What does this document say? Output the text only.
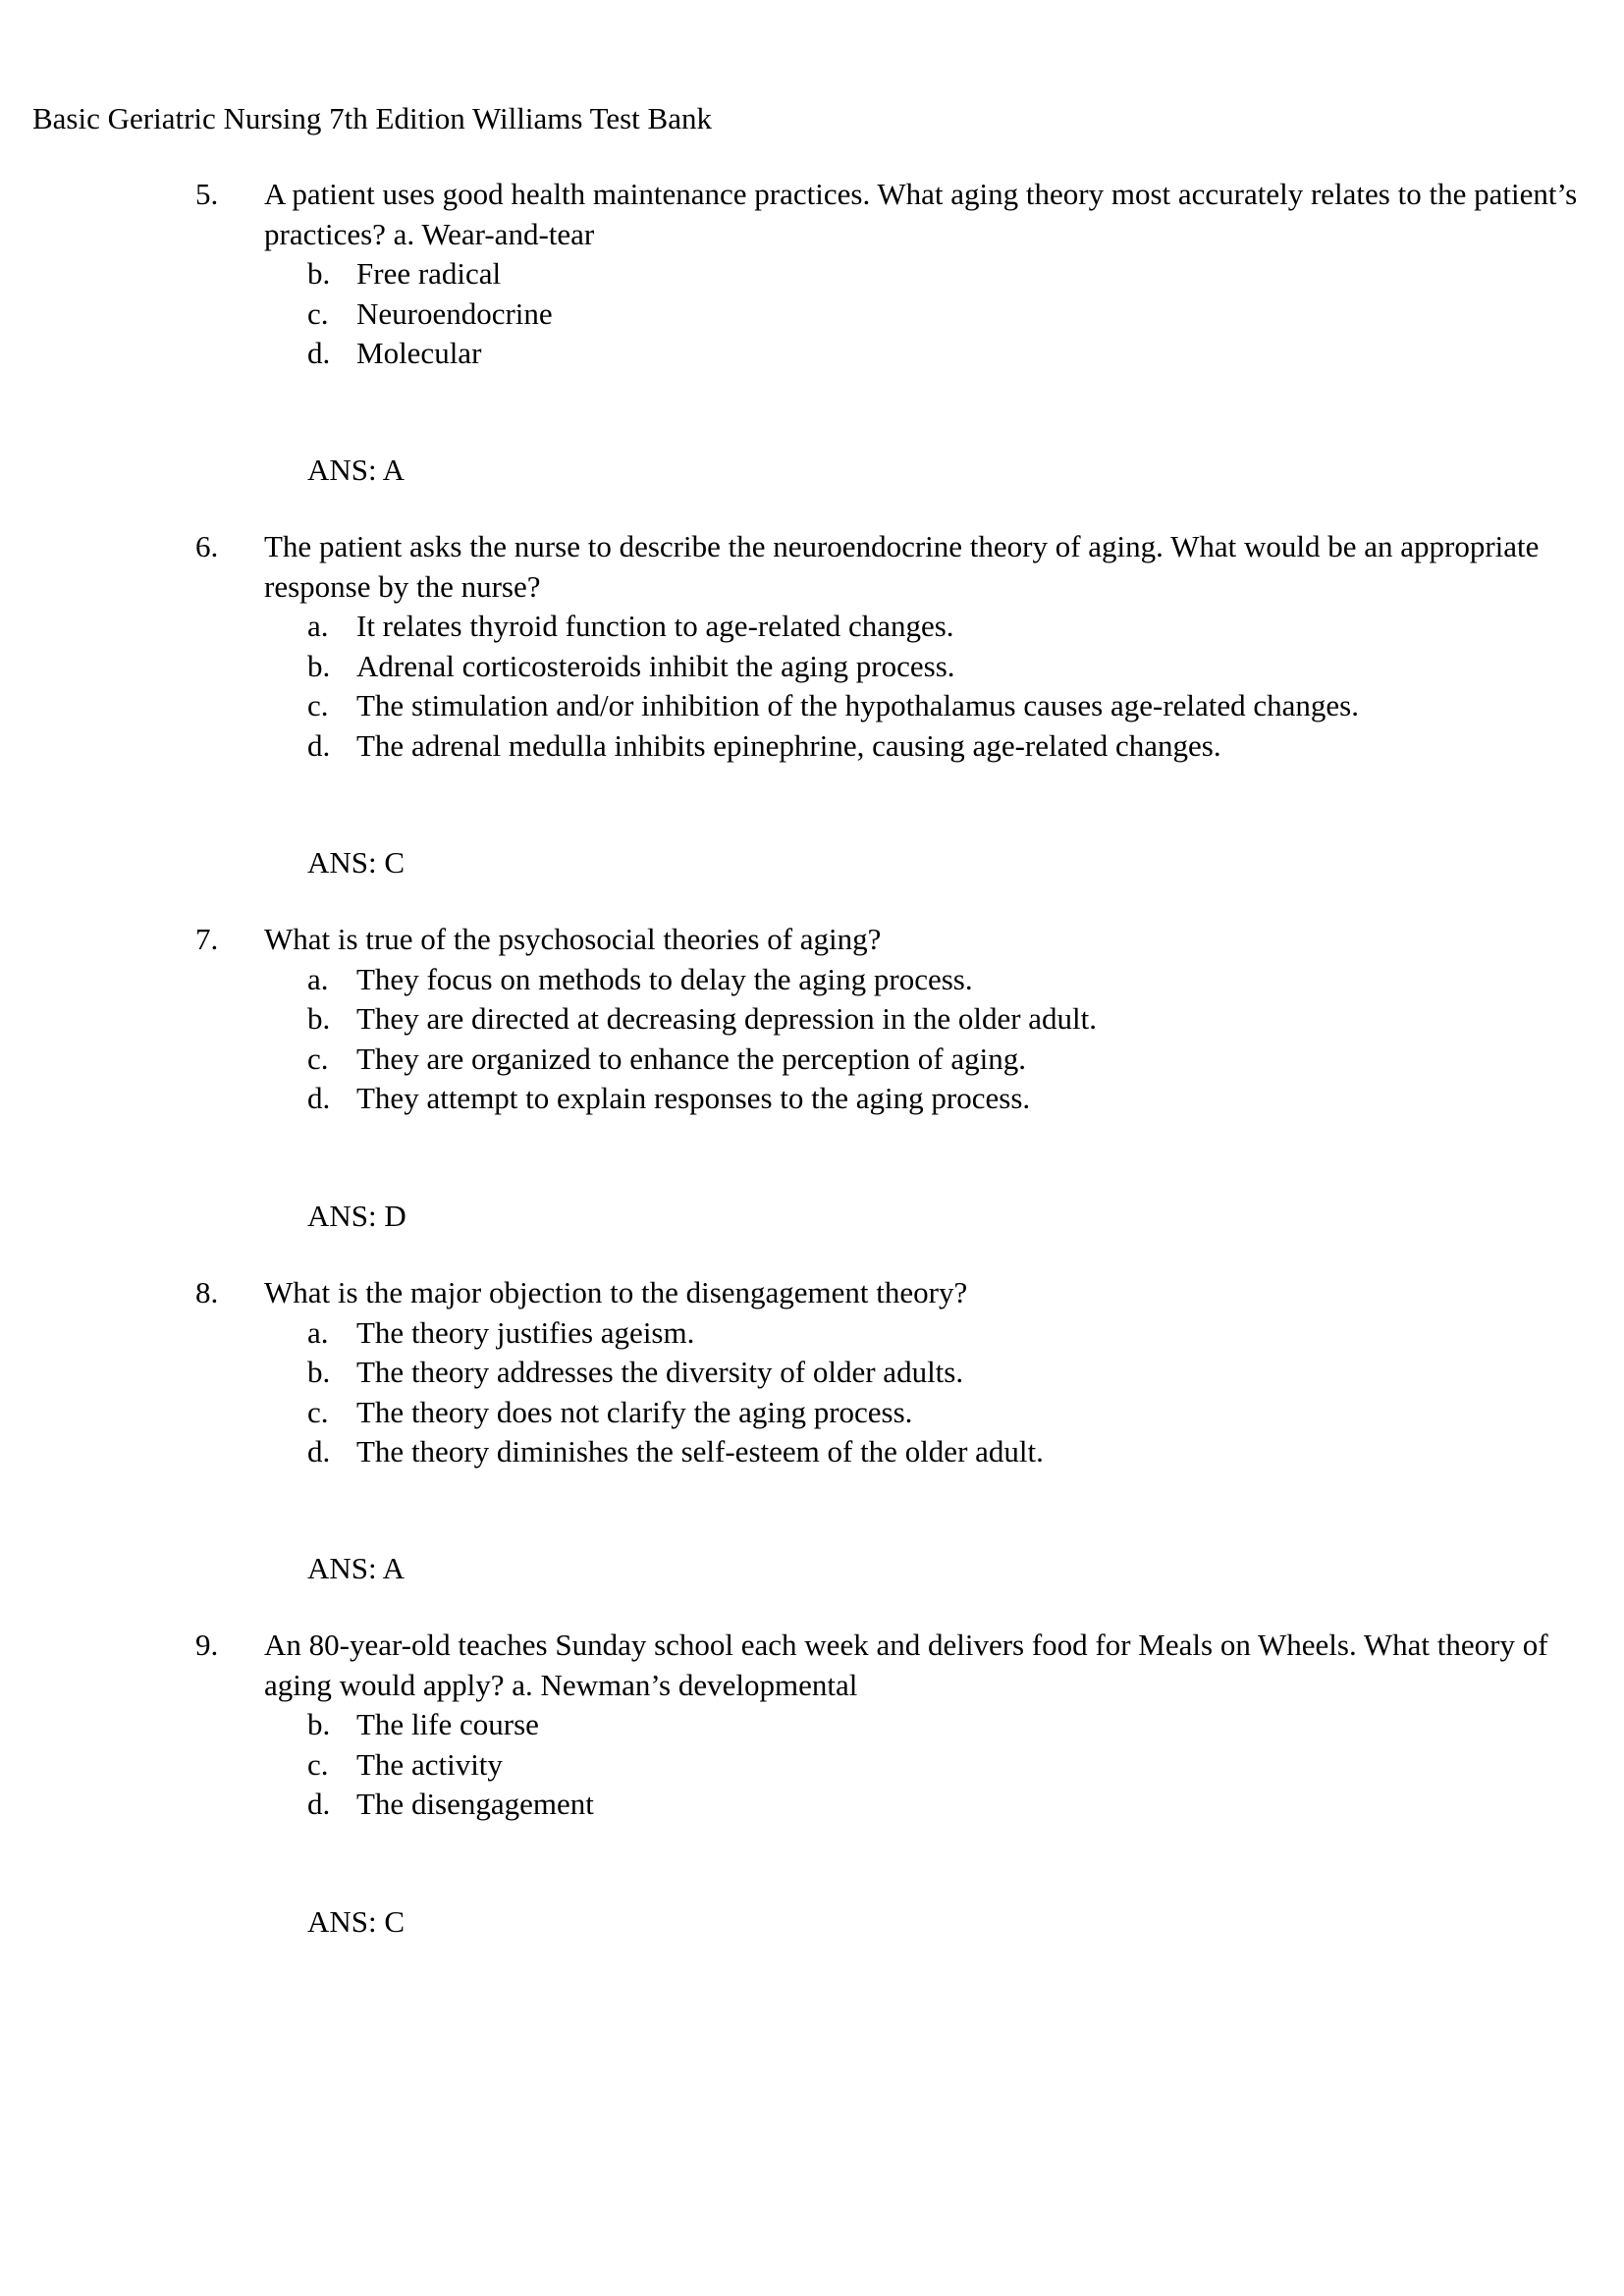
Basic Geriatric Nursing 7th Edition Williams Test Bank
5. A patient uses good health maintenance practices. What aging theory most accurately relates to the patient’s practices? a. Wear-and-tear
b. Free radical
c. Neuroendocrine
d. Molecular
ANS: A
6. The patient asks the nurse to describe the neuroendocrine theory of aging. What would be an appropriate response by the nurse?
a. It relates thyroid function to age-related changes.
b. Adrenal corticosteroids inhibit the aging process.
c. The stimulation and/or inhibition of the hypothalamus causes age-related changes.
d. The adrenal medulla inhibits epinephrine, causing age-related changes.
ANS: C
7. What is true of the psychosocial theories of aging?
a. They focus on methods to delay the aging process.
b. They are directed at decreasing depression in the older adult.
c. They are organized to enhance the perception of aging.
d. They attempt to explain responses to the aging process.
ANS: D
8. What is the major objection to the disengagement theory?
a. The theory justifies ageism.
b. The theory addresses the diversity of older adults.
c. The theory does not clarify the aging process.
d. The theory diminishes the self-esteem of the older adult.
ANS: A
9. An 80-year-old teaches Sunday school each week and delivers food for Meals on Wheels. What theory of aging would apply? a. Newman’s developmental
b. The life course
c. The activity
d. The disengagement
ANS: C
